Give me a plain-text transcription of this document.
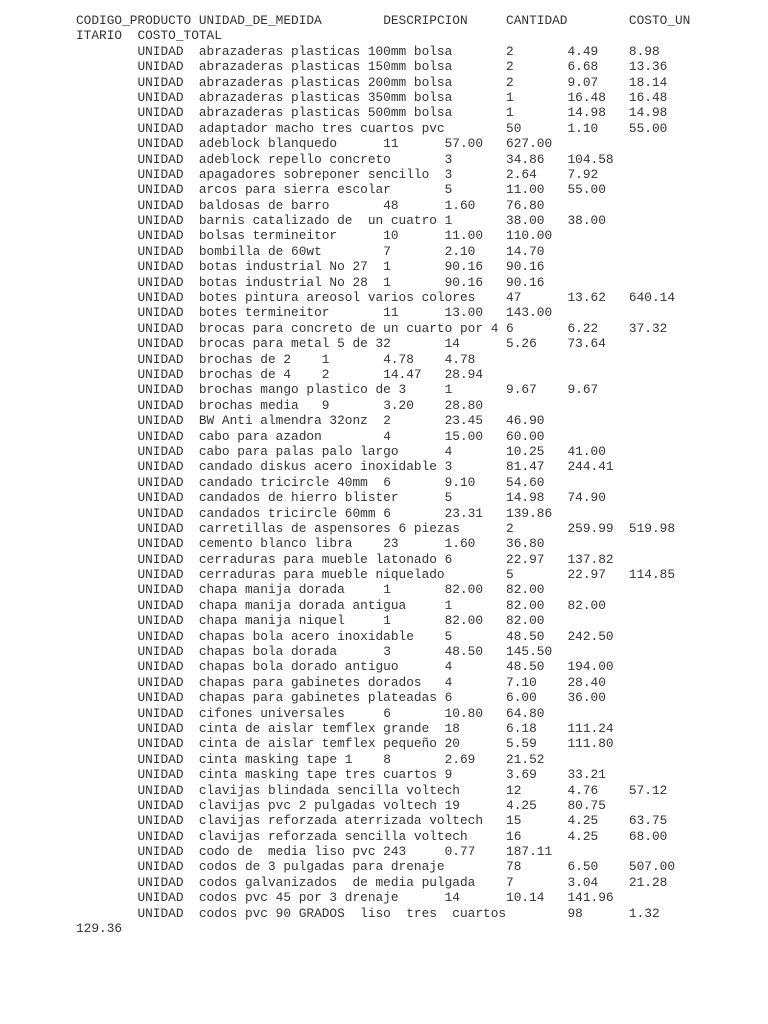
CODIGO_PRODUCTO UNIDAD_DE_MEDIDA	DESCRIPCION	CANTIDAD	COSTO_UN
ITARIO	COSTO_TOTAL
	UNIDAD	abrazaderas plasticas 100mm bolsa	2	4.49	8.98
	UNIDAD	abrazaderas plasticas 150mm bolsa	2	6.68	13.36
	UNIDAD	abrazaderas plasticas 200mm bolsa	2	9.07	18.14
	UNIDAD	abrazaderas plasticas 350mm bolsa	1	16.48	16.48
	UNIDAD	abrazaderas plasticas 500mm bolsa	1	14.98	14.98
	UNIDAD	adaptador macho tres cuartos pvc	50	1.10	55.00
	UNIDAD	adeblock blanquedo	11	57.00	627.00
	UNIDAD	adeblock repello concreto	3	34.86	104.58
	UNIDAD	apagadores sobreponer sencillo	3	2.64	7.92
	UNIDAD	arcos para sierra escolar	5	11.00	55.00
	UNIDAD	baldosas de barro	48	1.60	76.80
	UNIDAD	barnis catalizado de  un cuatro	1	38.00	38.00
	UNIDAD	bolsas termineitor	10	11.00	110.00
	UNIDAD	bombilla de 60wt	7	2.10	14.70
	UNIDAD	botas industrial No 27	1	90.16	90.16
	UNIDAD	botas industrial No 28	1	90.16	90.16
	UNIDAD	botes pintura areosol varios colores	47	13.62	640.14
	UNIDAD	botes termineitor	11	13.00	143.00
	UNIDAD	brocas para concreto de un cuarto por 4	6	6.22	37.32
	UNIDAD	brocas para metal 5 de 32	14	5.26	73.64
	UNIDAD	brochas de 2	1	4.78	4.78
	UNIDAD	brochas de 4	2	14.47	28.94
	UNIDAD	brochas mango plastico de 3	1	9.67	9.67
	UNIDAD	brochas media	9	3.20	28.80
	UNIDAD	BW Anti almendra 32onz	2	23.45	46.90
	UNIDAD	cabo para azadon	4	15.00	60.00
	UNIDAD	cabo para palas palo largo	4	10.25	41.00
	UNIDAD	candado diskus acero inoxidable	3	81.47	244.41
	UNIDAD	candado tricircle 40mm	6	9.10	54.60
	UNIDAD	candados de hierro blister	5	14.98	74.90
	UNIDAD	candados tricircle 60mm	6	23.31	139.86
	UNIDAD	carretillas de aspensores 6 piezas	2	259.99	519.98
	UNIDAD	cemento blanco libra	23	1.60	36.80
	UNIDAD	cerraduras para mueble latonado	6	22.97	137.82
	UNIDAD	cerraduras para mueble niquelado	5	22.97	114.85
	UNIDAD	chapa manija dorada	1	82.00	82.00
	UNIDAD	chapa manija dorada antigua	1	82.00	82.00
	UNIDAD	chapa manija niquel	1	82.00	82.00
	UNIDAD	chapas bola acero inoxidable	5	48.50	242.50
	UNIDAD	chapas bola dorada	3	48.50	145.50
	UNIDAD	chapas bola dorado antiguo	4	48.50	194.00
	UNIDAD	chapas para gabinetes dorados	4	7.10	28.40
	UNIDAD	chapas para gabinetes plateadas	6	6.00	36.00
	UNIDAD	cifones universales	6	10.80	64.80
	UNIDAD	cinta de aislar temflex grande	18	6.18	111.24
	UNIDAD	cinta de aislar temflex pequeño	20	5.59	111.80
	UNIDAD	cinta masking tape 1	8	2.69	21.52
	UNIDAD	cinta masking tape tres cuartos	9	3.69	33.21
	UNIDAD	clavijas blindada sencilla voltech	12	4.76	57.12
	UNIDAD	clavijas pvc 2 pulgadas voltech	19	4.25	80.75
	UNIDAD	clavijas reforzada aterrizada voltech	15	4.25	63.75
	UNIDAD	clavijas reforzada sencilla voltech	16	4.25	68.00
	UNIDAD	codo de  media liso pvc 243	0.77	187.11
	UNIDAD	codos de 3 pulgadas para drenaje	78	6.50	507.00
	UNIDAD	codos galvanizados  de media pulgada	7	3.04	21.28
	UNIDAD	codos pvc 45 por 3 drenaje	14	10.14	141.96
	UNIDAD	codos pvc 90 GRADOS  liso  tres  cuartos	98	1.32
129.36
